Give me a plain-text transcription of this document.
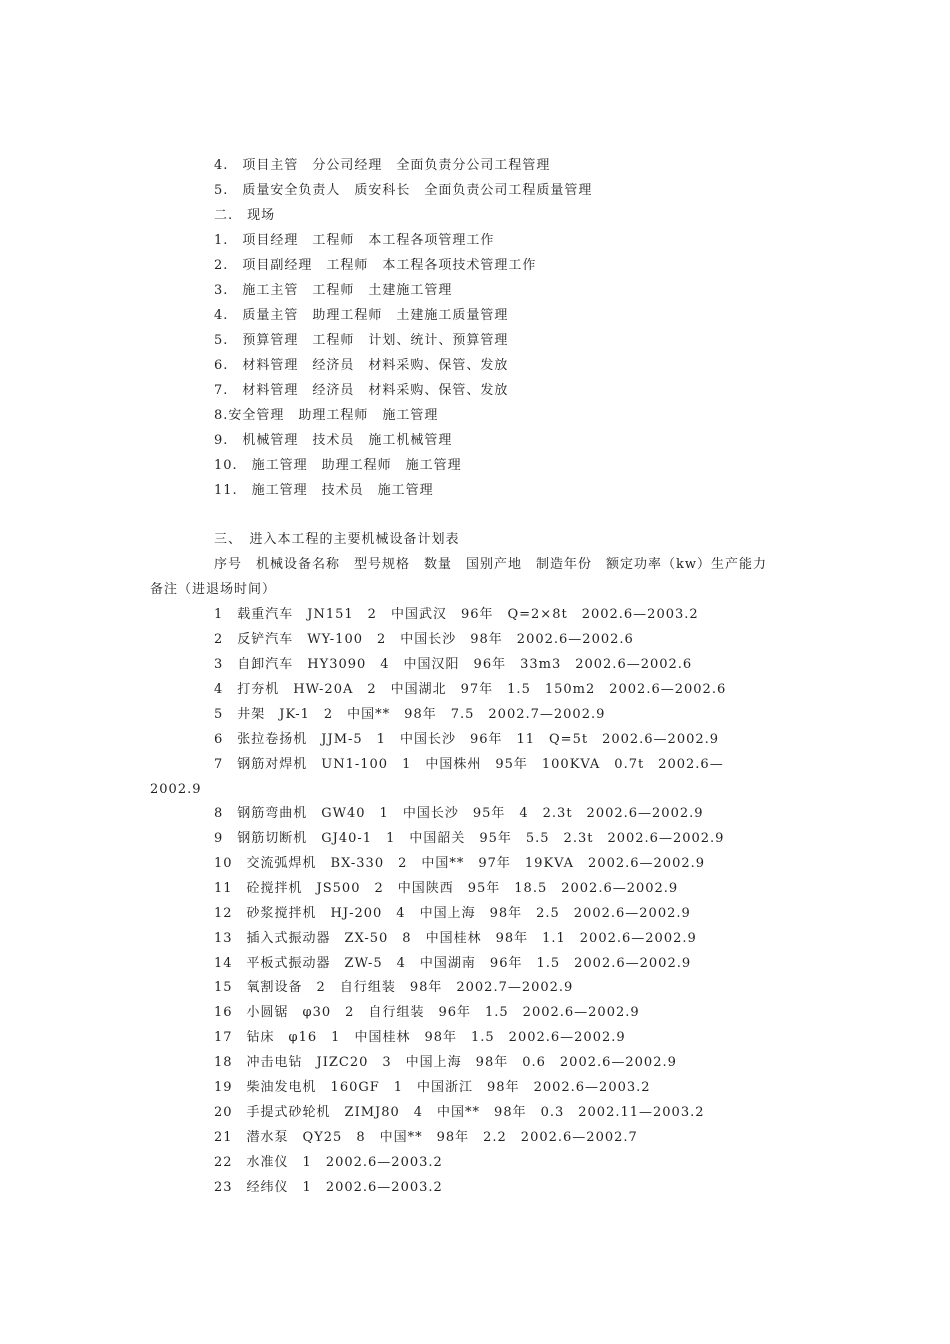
4.　项目主管　分公司经理　全面负责分公司工程管理
5.　质量安全负责人　质安科长　全面负责公司工程质量管理
二.　现场
1.　项目经理　工程师　本工程各项管理工作
2.　项目副经理　工程师　本工程各项技术管理工作
3.　施工主管　工程师　土建施工管理
4.　质量主管　助理工程师　土建施工质量管理
5.　预算管理　工程师　计划、统计、预算管理
6.　材料管理　经济员　材料采购、保管、发放
7.　材料管理　经济员　材料采购、保管、发放
8.安全管理　助理工程师　施工管理
9.　机械管理　技术员　施工机械管理
10.　施工管理　助理工程师　施工管理
11.　施工管理　技术员　施工管理
三、　进入本工程的主要机械设备计划表
序号　机械设备名称　型号规格　数量　国别产地　制造年份　额定功率（kw）生产能力　备注（进退场时间）
1　载重汽车　JN151　2　中国武汉　96年　Q=2×8t　2002.6—2003.2
2　反铲汽车　WY-100　2　中国长沙　98年　2002.6—2002.6
3　自卸汽车　HY3090　4　中国汉阳　96年　33m3　2002.6—2002.6
4　打夯机　HW-20A　2　中国湖北　97年　1.5　150m2　2002.6—2002.6
5　井架　JK-1　2　中国**　98年　7.5　2002.7—2002.9
6　张拉卷扬机　JJM-5　1　中国长沙　96年　11　Q=5t　2002.6—2002.9
7　钢筋对焊机　UN1-100　1　中国株州　95年　100KVA　0.7t　2002.6—2002.9
8　钢筋弯曲机　GW40　1　中国长沙　95年　4　2.3t　2002.6—2002.9
9　钢筋切断机　GJ40-1　1　中国韶关　95年　5.5　2.3t　2002.6—2002.9
10　交流弧焊机　BX-330　2　中国**　97年　19KVA　2002.6—2002.9
11　砼搅拌机　JS500　2　中国陕西　95年　18.5　2002.6—2002.9
12　砂浆搅拌机　HJ-200　4　中国上海　98年　2.5　2002.6—2002.9
13　插入式振动器　ZX-50　8　中国桂林　98年　1.1　2002.6—2002.9
14　平板式振动器　ZW-5　4　中国湖南　96年　1.5　2002.6—2002.9
15　氧割设备　2　自行组装　98年　2002.7—2002.9
16　小圆锯　φ30　2　自行组装　96年　1.5　2002.6—2002.9
17　钻床　φ16　1　中国桂林　98年　1.5　2002.6—2002.9
18　冲击电钻　JIZC20　3　中国上海　98年　0.6　2002.6—2002.9
19　柴油发电机　160GF　1　中国浙江　98年　2002.6—2003.2
20　手提式砂轮机　ZIMJ80　4　中国**　98年　0.3　2002.11—2003.2
21　潜水泵　QY25　8　中国**　98年　2.2　2002.6—2002.7
22　水准仪　1　2002.6—2003.2
23　经纬仪　1　2002.6—2003.2
